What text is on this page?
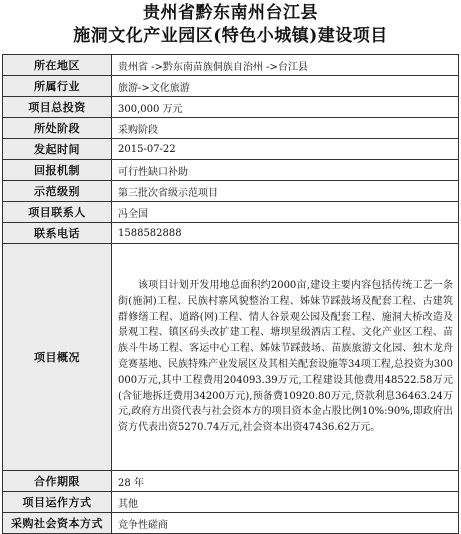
贵州省黔东南州台江县
施洞文化产业园区(特色小城镇)建设项目
所在地区	贵州省 ->黔东南苗族侗族自治州 ->台江县
所属行业	旅游->文化旅游
项目总投资	300,000 万元
所处阶段	采购阶段
发起时间	2015-07-22
回报机制	可行性缺口补助
示范级别	第三批次省级示范项目
项目联系人	冯全国
联系电话	1588582888
项目概况	该项目计划开发用地总面积约2000亩,建设主要内容包括传统工艺一条街(施洞)工程、民族村寨风貌整治工程、姊妹节踩鼓场及配套工程、古建筑群修缮工程、道路(网)工程、情人谷景观公园及配套工程、施洞大桥改造及景观工程、镇区码头改扩建工程、塘坝星级酒店工程、文化产业区工程、苗族斗牛场工程、客运中心工程、姊妹节踩鼓场、苗族旅游文化园、独木龙舟竞赛基地、民族特殊产业发展区及其相关配套设施等34项工程,总投资为300000万元,其中工程费用204093.39万元,工程建设其他费用48522.58万元(含征地拆迁费用34200万元),预备费10920.80万元,贷款利息36463.24万元,政府方出资代表与社会资本方的项目资本金占股比例10%:90%,即政府出资方代表出资5270.74万元,社会资本出资47436.62万元。
合作期限	28 年
项目运作方式	其他
采购社会资本方式	竞争性磋商
